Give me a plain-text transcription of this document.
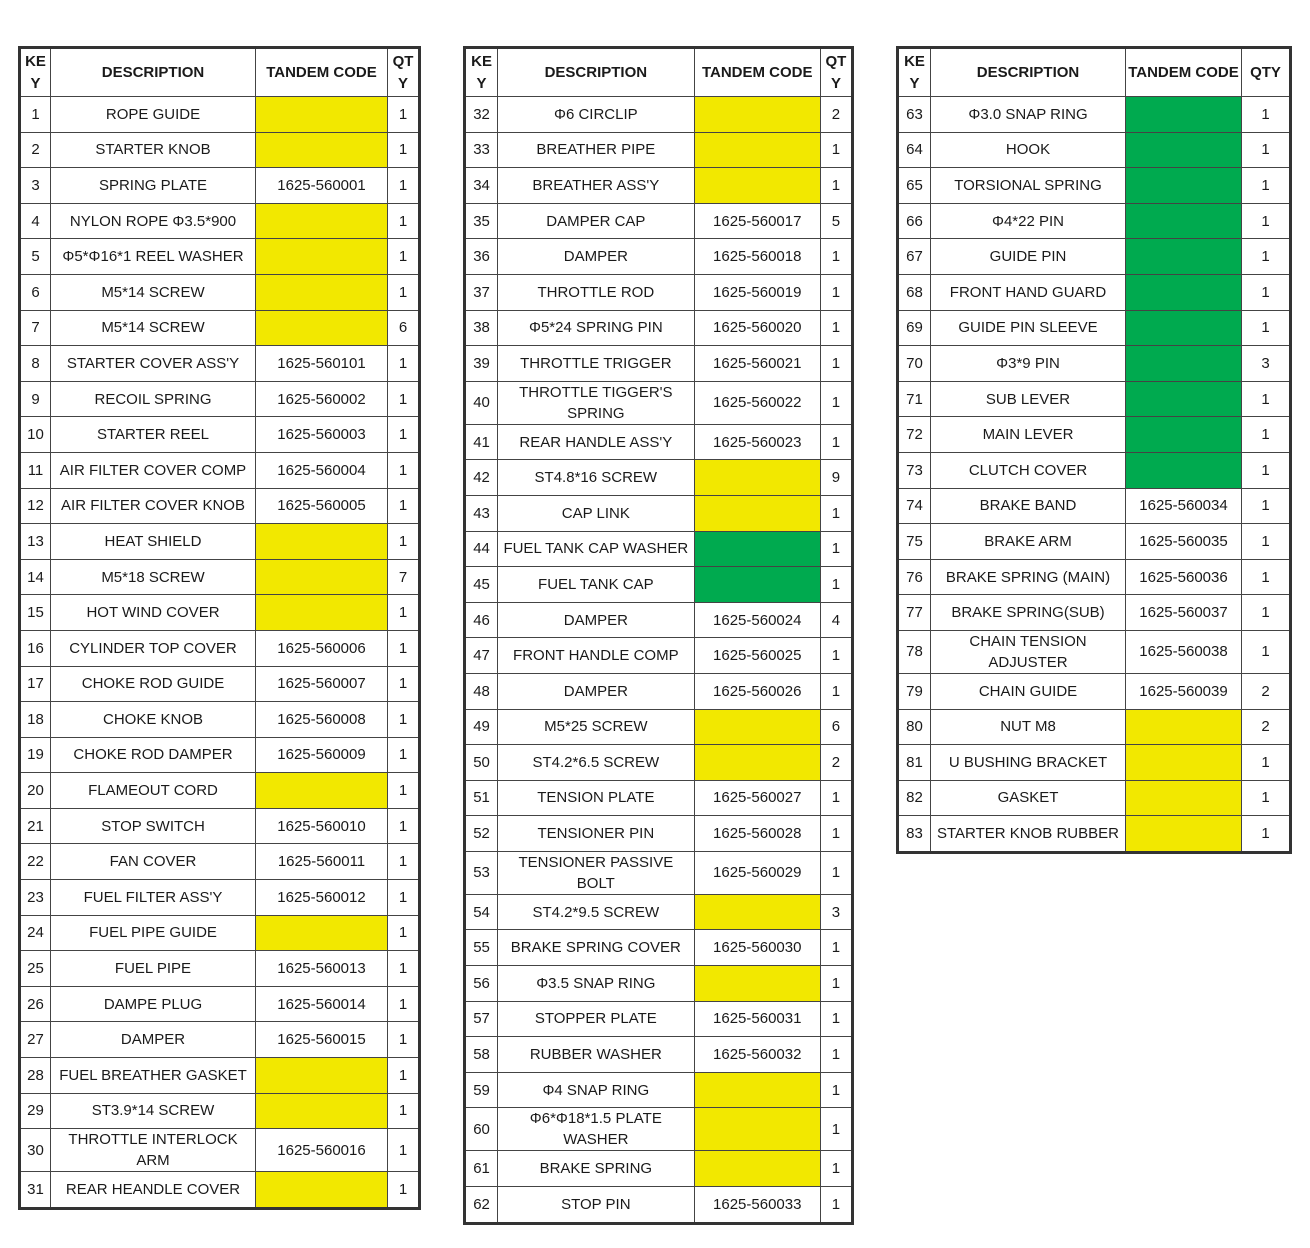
KE Y	DESCRIPTION	TANDEM CODE	QT Y
1	ROPE GUIDE		1
2	STARTER KNOB		1
3	SPRING PLATE	1625-560001	1
4	NYLON ROPE Φ3.5*900		1
5	Φ5*Φ16*1 REEL WASHER		1
6	M5*14 SCREW		1
7	M5*14 SCREW		6
8	STARTER COVER ASS'Y	1625-560101	1
9	RECOIL SPRING	1625-560002	1
10	STARTER REEL	1625-560003	1
11	AIR FILTER COVER COMP	1625-560004	1
12	AIR FILTER COVER KNOB	1625-560005	1
13	HEAT SHIELD		1
14	M5*18 SCREW		7
15	HOT WIND COVER		1
16	CYLINDER TOP COVER	1625-560006	1
17	CHOKE ROD GUIDE	1625-560007	1
18	CHOKE KNOB	1625-560008	1
19	CHOKE ROD DAMPER	1625-560009	1
20	FLAMEOUT CORD		1
21	STOP SWITCH	1625-560010	1
22	FAN COVER	1625-560011	1
23	FUEL FILTER ASS'Y	1625-560012	1
24	FUEL PIPE GUIDE		1
25	FUEL PIPE	1625-560013	1
26	DAMPE PLUG	1625-560014	1
27	DAMPER	1625-560015	1
28	FUEL BREATHER GASKET		1
29	ST3.9*14 SCREW		1
30	THROTTLE INTERLOCK ARM	1625-560016	1
31	REAR HEANDLE COVER		1
KE Y	DESCRIPTION	TANDEM CODE	QT Y
32	Φ6 CIRCLIP		2
33	BREATHER PIPE		1
34	BREATHER ASS'Y		1
35	DAMPER CAP	1625-560017	5
36	DAMPER	1625-560018	1
37	THROTTLE ROD	1625-560019	1
38	Φ5*24 SPRING PIN	1625-560020	1
39	THROTTLE TRIGGER	1625-560021	1
40	THROTTLE TIGGER'S SPRING	1625-560022	1
41	REAR HANDLE ASS'Y	1625-560023	1
42	ST4.8*16 SCREW		9
43	CAP LINK		1
44	FUEL TANK CAP WASHER		1
45	FUEL TANK CAP		1
46	DAMPER	1625-560024	4
47	FRONT HANDLE COMP	1625-560025	1
48	DAMPER	1625-560026	1
49	M5*25 SCREW		6
50	ST4.2*6.5 SCREW		2
51	TENSION PLATE	1625-560027	1
52	TENSIONER PIN	1625-560028	1
53	TENSIONER PASSIVE BOLT	1625-560029	1
54	ST4.2*9.5 SCREW		3
55	BRAKE SPRING COVER	1625-560030	1
56	Φ3.5 SNAP RING		1
57	STOPPER PLATE	1625-560031	1
58	RUBBER WASHER	1625-560032	1
59	Φ4 SNAP RING		1
60	Φ6*Φ18*1.5 PLATE WASHER		1
61	BRAKE SPRING		1
62	STOP PIN	1625-560033	1
KE Y	DESCRIPTION	TANDEM CODE	QTY
63	Φ3.0 SNAP RING		1
64	HOOK		1
65	TORSIONAL SPRING		1
66	Φ4*22 PIN		1
67	GUIDE PIN		1
68	FRONT HAND GUARD		1
69	GUIDE PIN SLEEVE		1
70	Φ3*9 PIN		3
71	SUB LEVER		1
72	MAIN LEVER		1
73	CLUTCH COVER		1
74	BRAKE BAND	1625-560034	1
75	BRAKE ARM	1625-560035	1
76	BRAKE SPRING (MAIN)	1625-560036	1
77	BRAKE SPRING(SUB)	1625-560037	1
78	CHAIN TENSION ADJUSTER	1625-560038	1
79	CHAIN GUIDE	1625-560039	2
80	NUT M8		2
81	U BUSHING BRACKET		1
82	GASKET		1
83	STARTER KNOB RUBBER		1
